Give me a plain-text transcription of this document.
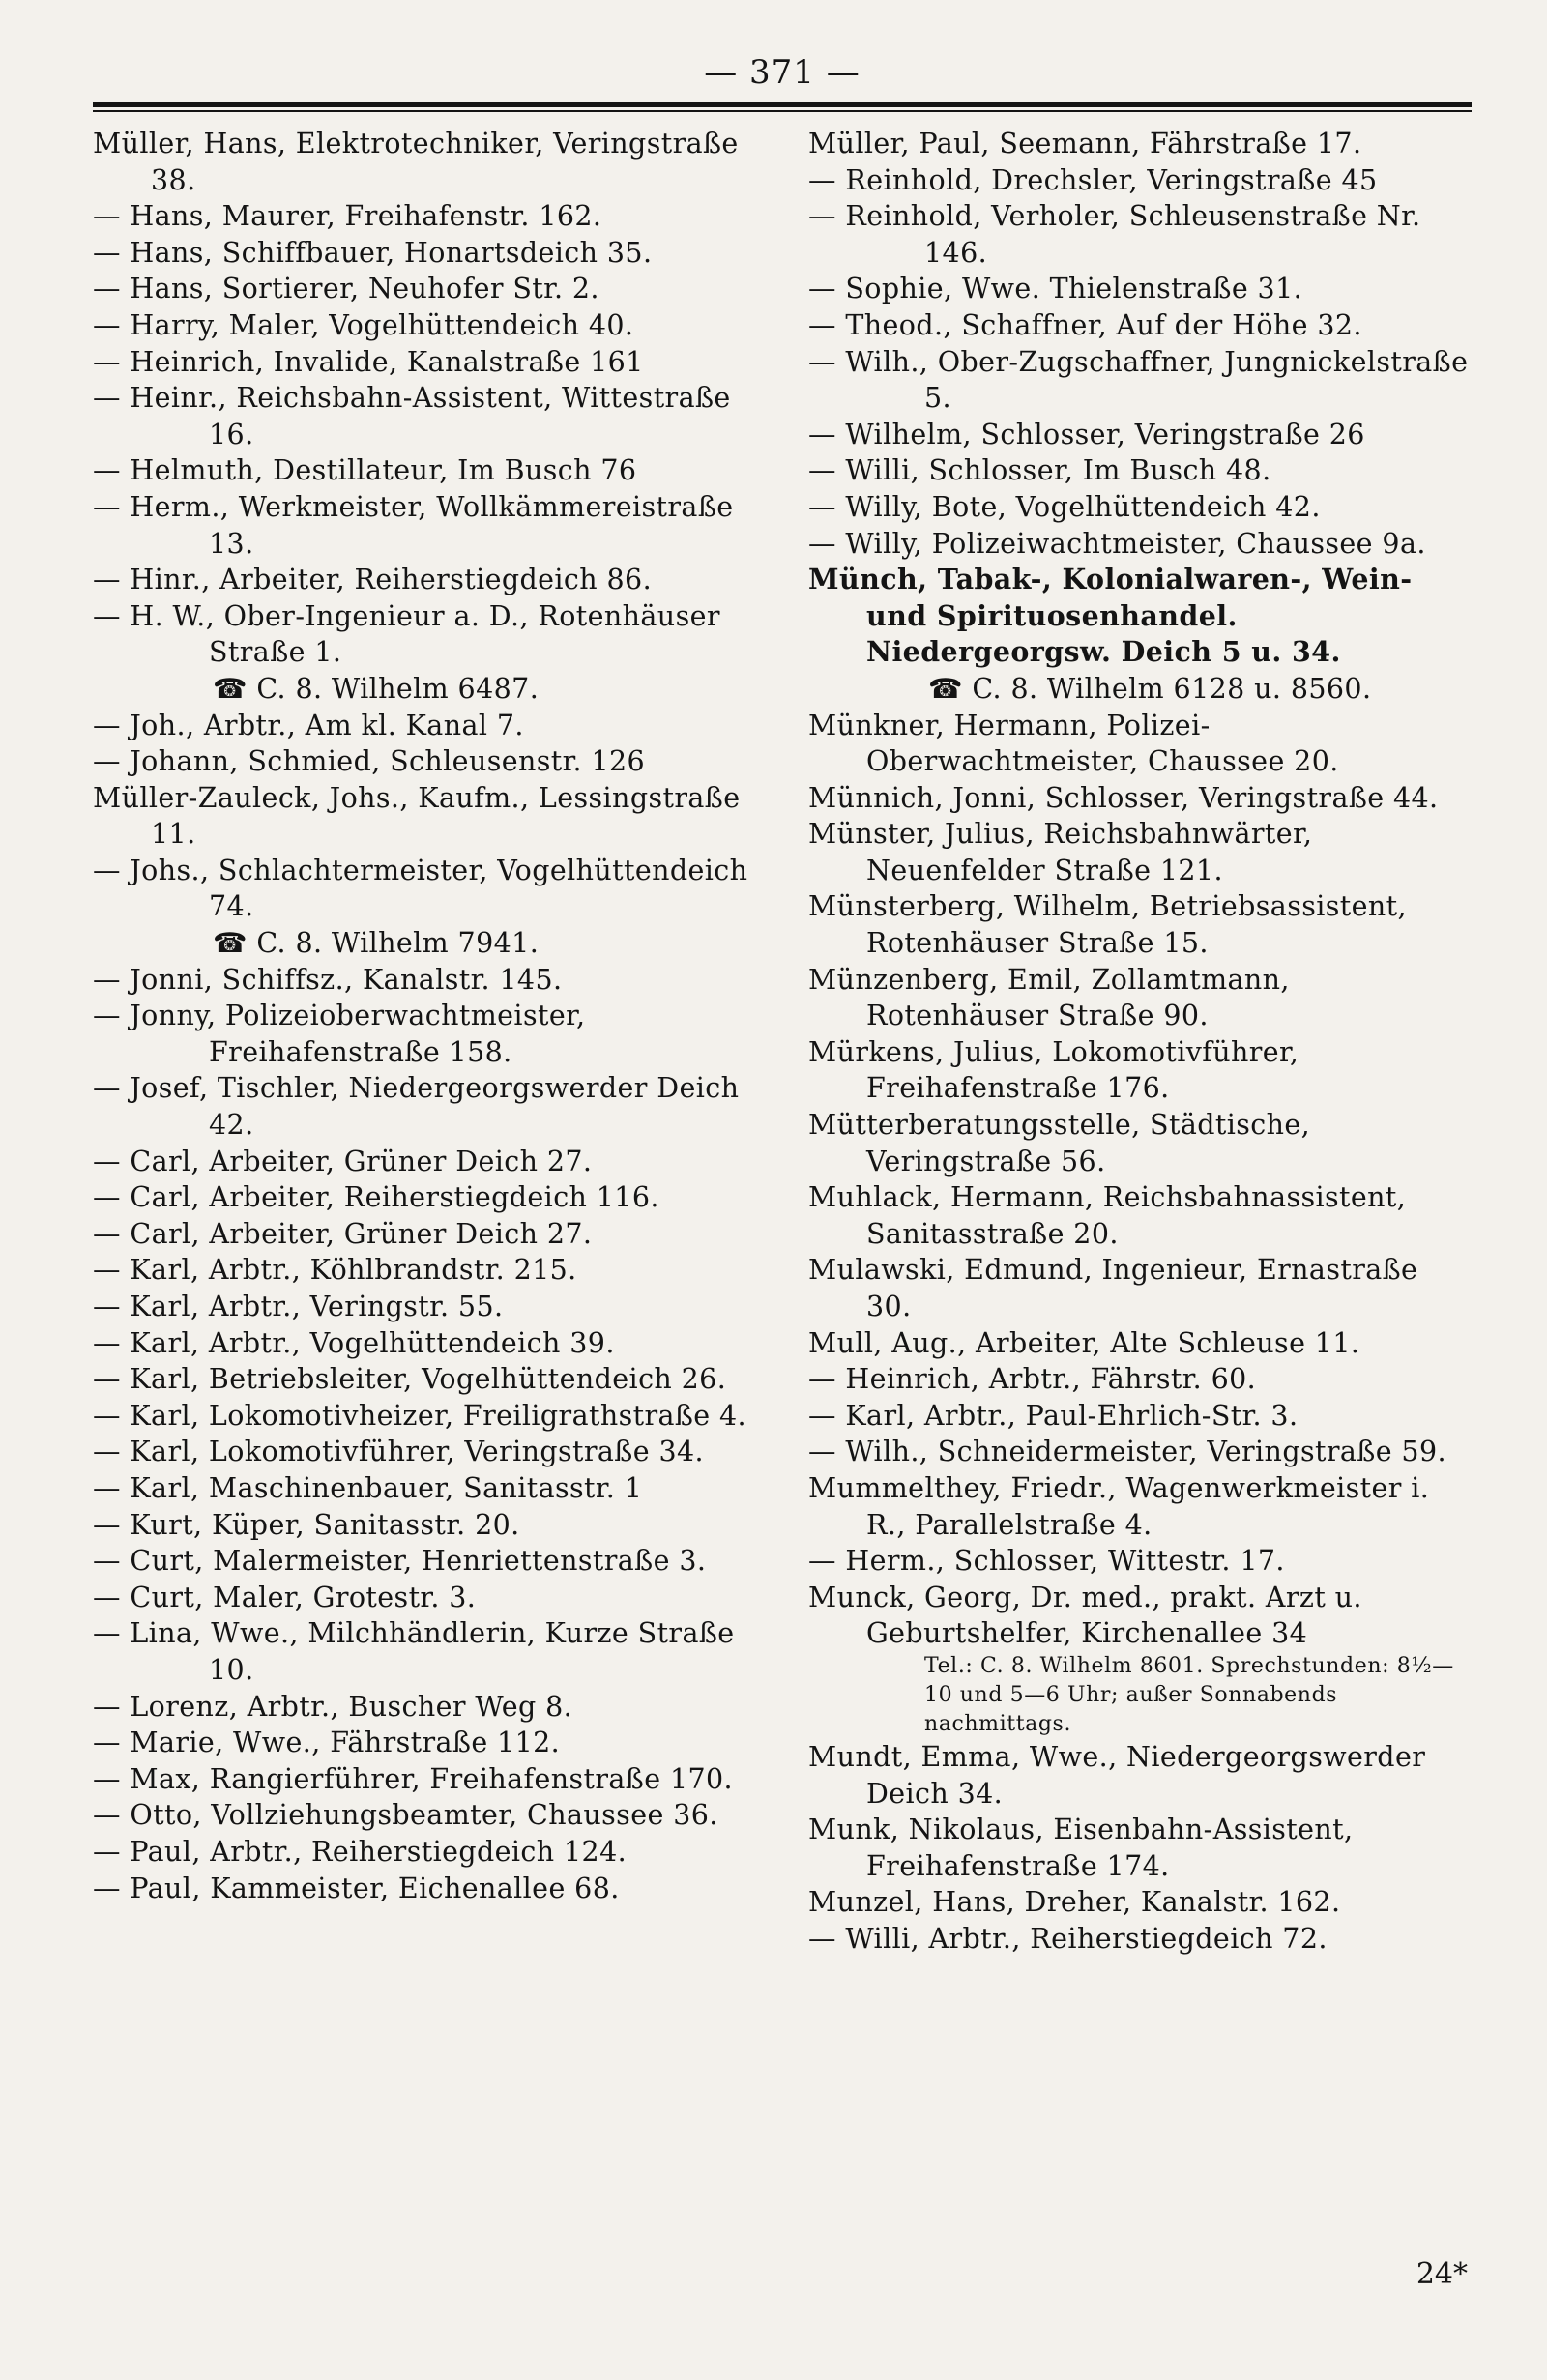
— 371 —

Müller, Hans, Elektrotechniker, Veringstraße 38.

— Hans, Maurer, Freihafenstr. 162.

— Hans, Schiffbauer, Honartsdeich 35.

— Hans, Sortierer, Neuhofer Str. 2.

— Harry, Maler, Vogelhüttendeich 40.

— Heinrich, Invalide, Kanalstraße 161

— Heinr., Reichsbahn-Assistent, Wittestraße 16.

— Helmuth, Destillateur, Im Busch 76

— Herm., Werkmeister, Wollkämmereistraße 13.

— Hinr., Arbeiter, Reiherstiegdeich 86.

— H. W., Ober-Ingenieur a. D., Rotenhäuser Straße 1.

☎ C. 8. Wilhelm 6487.

— Joh., Arbtr., Am kl. Kanal 7.

— Johann, Schmied, Schleusenstr. 126

Müller-Zauleck, Johs., Kaufm., Lessingstraße 11.

— Johs., Schlachtermeister, Vogelhüttendeich 74.

☎ C. 8. Wilhelm 7941.

— Jonni, Schiffsz., Kanalstr. 145.

— Jonny, Polizeioberwachtmeister, Freihafenstraße 158.

— Josef, Tischler, Niedergeorgswerder Deich 42.

— Carl, Arbeiter, Grüner Deich 27.

— Carl, Arbeiter, Reiherstiegdeich 116.

— Carl, Arbeiter, Grüner Deich 27.

— Karl, Arbtr., Köhlbrandstr. 215.

— Karl, Arbtr., Veringstr. 55.

— Karl, Arbtr., Vogelhüttendeich 39.

— Karl, Betriebsleiter, Vogelhüttendeich 26.

— Karl, Lokomotivheizer, Freiligrathstraße 4.

— Karl, Lokomotivführer, Veringstraße 34.

— Karl, Maschinenbauer, Sanitasstr. 1

— Kurt, Küper, Sanitasstr. 20.

— Curt, Malermeister, Henriettenstraße 3.

— Curt, Maler, Grotestr. 3.

— Lina, Wwe., Milchhändlerin, Kurze Straße 10.

— Lorenz, Arbtr., Buscher Weg 8.

— Marie, Wwe., Fährstraße 112.

— Max, Rangierführer, Freihafenstraße 170.

— Otto, Vollziehungsbeamter, Chaussee 36.

— Paul, Arbtr., Reiherstiegdeich 124.

— Paul, Kammeister, Eichenallee 68.

Müller, Paul, Seemann, Fährstraße 17.

— Reinhold, Drechsler, Veringstraße 45

— Reinhold, Verholer, Schleusenstraße Nr. 146.

— Sophie, Wwe. Thielenstraße 31.

— Theod., Schaffner, Auf der Höhe 32.

— Wilh., Ober-Zugschaffner, Jungnickelstraße 5.

— Wilhelm, Schlosser, Veringstraße 26

— Willi, Schlosser, Im Busch 48.

— Willy, Bote, Vogelhüttendeich 42.

— Willy, Polizeiwachtmeister, Chaussee 9a.

Münch, Tabak-, Kolonialwaren-, Wein- und Spirituosenhandel. Niedergeorgsw. Deich 5 u. 34.

☎ C. 8. Wilhelm 6128 u. 8560.

Münkner, Hermann, Polizei-Oberwachtmeister, Chaussee 20.

Münnich, Jonni, Schlosser, Veringstraße 44.

Münster, Julius, Reichsbahnwärter, Neuenfelder Straße 121.

Münsterberg, Wilhelm, Betriebsassistent, Rotenhäuser Straße 15.

Münzenberg, Emil, Zollamtmann, Rotenhäuser Straße 90.

Mürkens, Julius, Lokomotivführer, Freihafenstraße 176.

Mütterberatungsstelle, Städtische, Veringstraße 56.

Muhlack, Hermann, Reichsbahnassistent, Sanitasstraße 20.

Mulawski, Edmund, Ingenieur, Ernastraße 30.

Mull, Aug., Arbeiter, Alte Schleuse 11.

— Heinrich, Arbtr., Fährstr. 60.

— Karl, Arbtr., Paul-Ehrlich-Str. 3.

— Wilh., Schneidermeister, Veringstraße 59.

Mummelthey, Friedr., Wagenwerkmeister i. R., Parallelstraße 4.

— Herm., Schlosser, Wittestr. 17.

Munck, Georg, Dr. med., prakt. Arzt u. Geburtshelfer, Kirchenallee 34

Tel.: C. 8. Wilhelm 8601. Sprechstunden: 8½—10 und 5—6 Uhr; außer Sonnabends nachmittags.

Mundt, Emma, Wwe., Niedergeorgswerder Deich 34.

Munk, Nikolaus, Eisenbahn-Assistent, Freihafenstraße 174.

Munzel, Hans, Dreher, Kanalstr. 162.

— Willi, Arbtr., Reiherstiegdeich 72.

24*
